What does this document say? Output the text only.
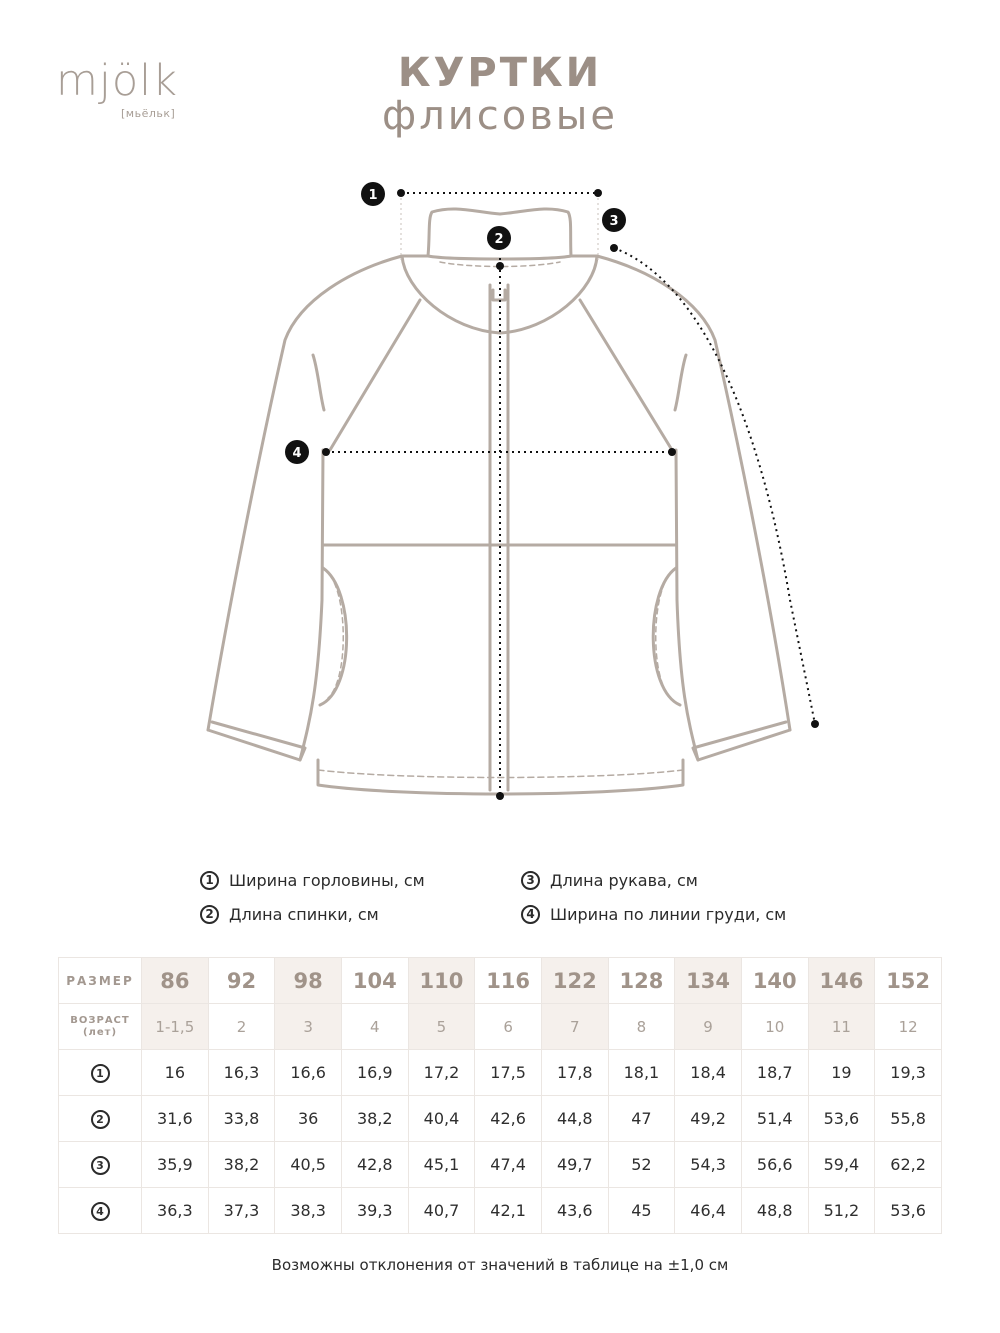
mjölk
[мьёльк]
КУРТКИ
флисовые
1
2
3
4
1 Ширина горловины, см
2 Длина спинки, см
3 Длина рукава, см
4 Ширина по линии груди, см
РАЗМЕР	86	92	98	104	110	116	122	128	134	140	146	152

ВОЗРАСТ
(лет)	1-1,5	2	3	4	5	6	7	8	9	10	11	12
1	16	16,3	16,6	16,9	17,2	17,5	17,8	18,1	18,4	18,7	19	19,3
2	31,6	33,8	36	38,2	40,4	42,6	44,8	47	49,2	51,4	53,6	55,8
3	35,9	38,2	40,5	42,8	45,1	47,4	49,7	52	54,3	56,6	59,4	62,2
4	36,3	37,3	38,3	39,3	40,7	42,1	43,6	45	46,4	48,8	51,2	53,6
Возможны отклонения от значений в таблице на ±1,0 см
